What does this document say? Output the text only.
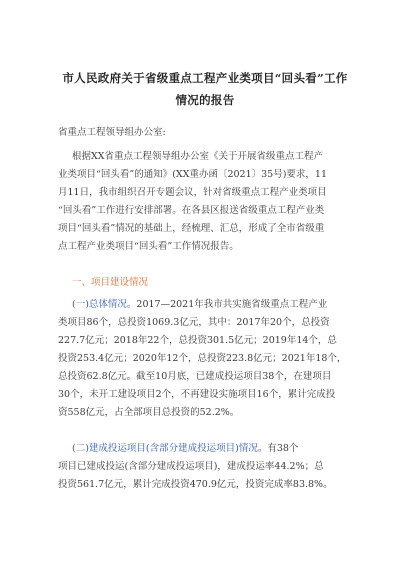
市人民政府关于省级重点工程产业类项目“回头看”工作
情况的报告
省重点工程领导组办公室:
根据XX省重点工程领导组办公室《关于开展省级重点工程产
业类项目“回头看”的通知》(XX重办函〔2021〕35号)要求，11
月11日，我市组织召开专题会议，针对省级重点工程产业类项目
“回头看”工作进行安排部署。在各县区报送省级重点工程产业类
项目“回头看”情况的基础上，经梳理、汇总，形成了全市省级重
点工程产业类项目“回头看”工作情况报告。
一、项目建设情况
(一)总体情况。2017—2021年我市共实施省级重点工程产业
类项目86个，总投资1069.3亿元，其中：2017年20个，总投资
227.7亿元；2018年22个，总投资301.5亿元；2019年14个，总
投资253.4亿元；2020年12个，总投资223.8亿元；2021年18个，
总投资62.8亿元。截至10月底，已建成投运项目38个，在建项目
30个，未开工建设项目2个，不再建设实施项目16个，累计完成投
资558亿元，占全部项目总投资的52.2%。
(二)建成投运项目(含部分建成投运项目)情况。有38个
项目已建成投运(含部分建成投运项目)，建成投运率44.2%；总
投资561.7亿元，累计完成投资470.9亿元，投资完成率83.8%。
